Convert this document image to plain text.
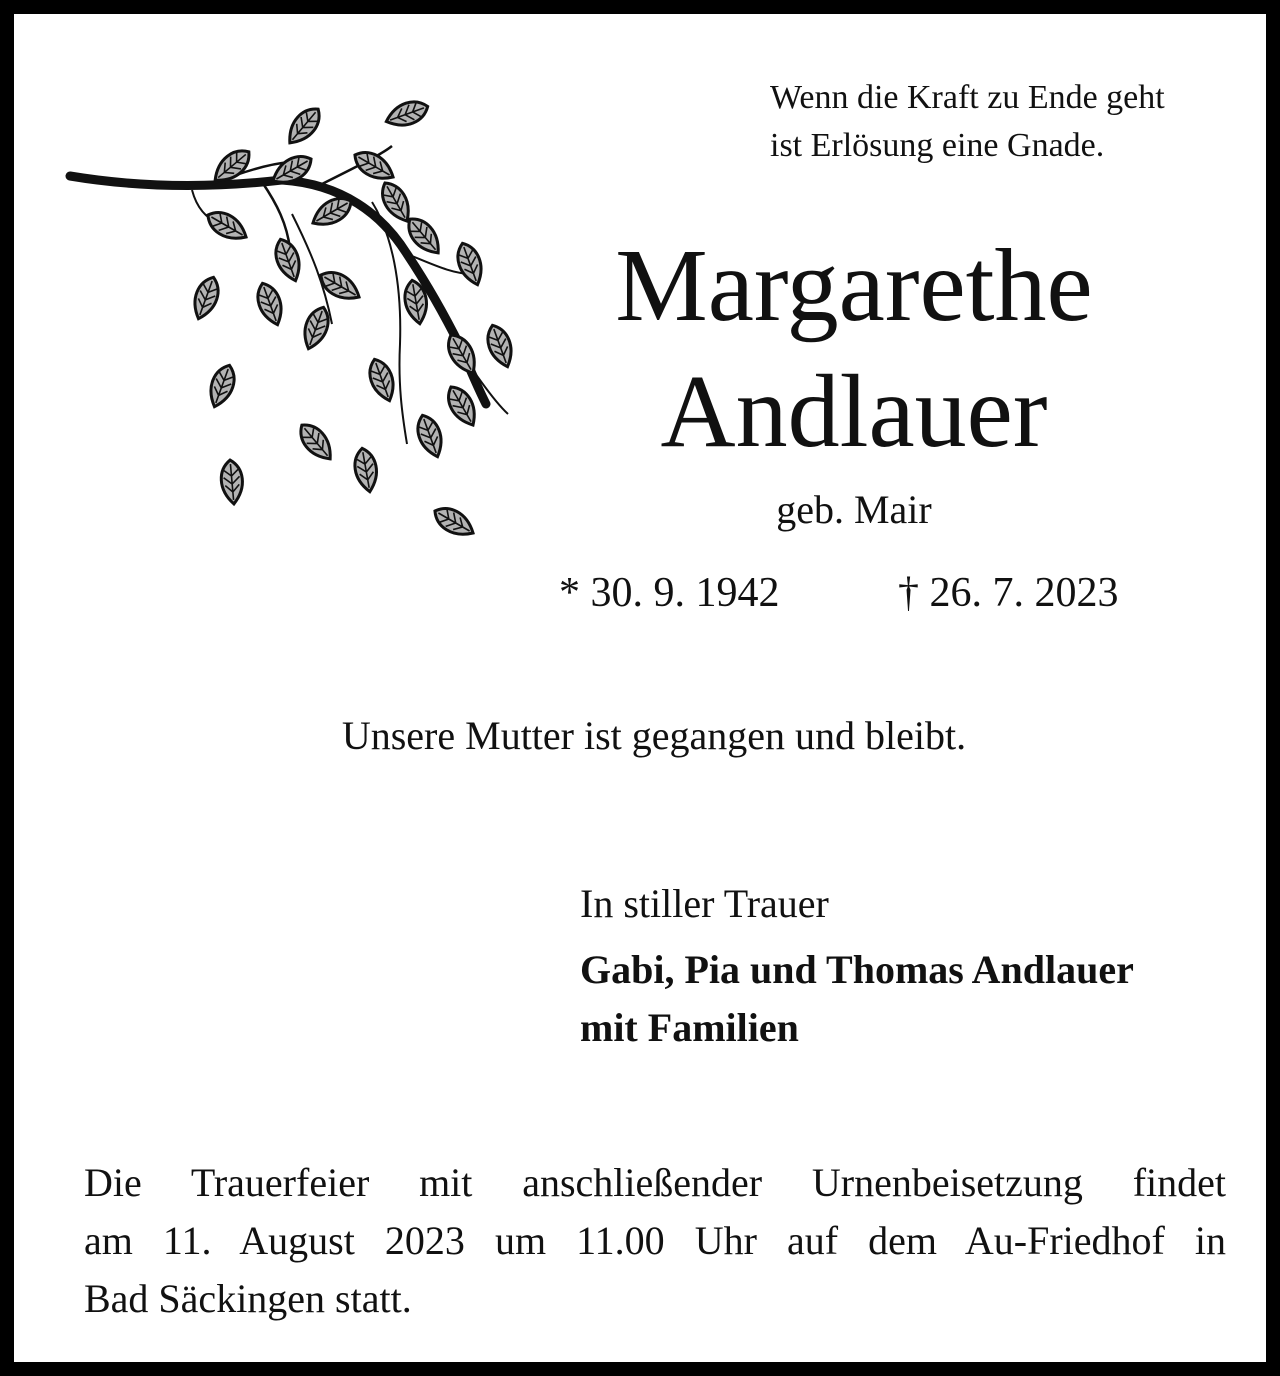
Wenn die Kraft zu Ende geht
ist Erlösung eine Gnade.

Margarethe

Andlauer

geb. Mair

* 30. 9. 1942	† 26. 7. 2023

Unsere Mutter ist gegangen und bleibt.

In stiller Trauer

Gabi, Pia und Thomas Andlauer
mit Familien

Die Trauerfeier mit anschließender Urnenbeisetzung findet
am 11. August 2023 um 11.00 Uhr auf dem Au-Friedhof in
Bad Säckingen statt.
